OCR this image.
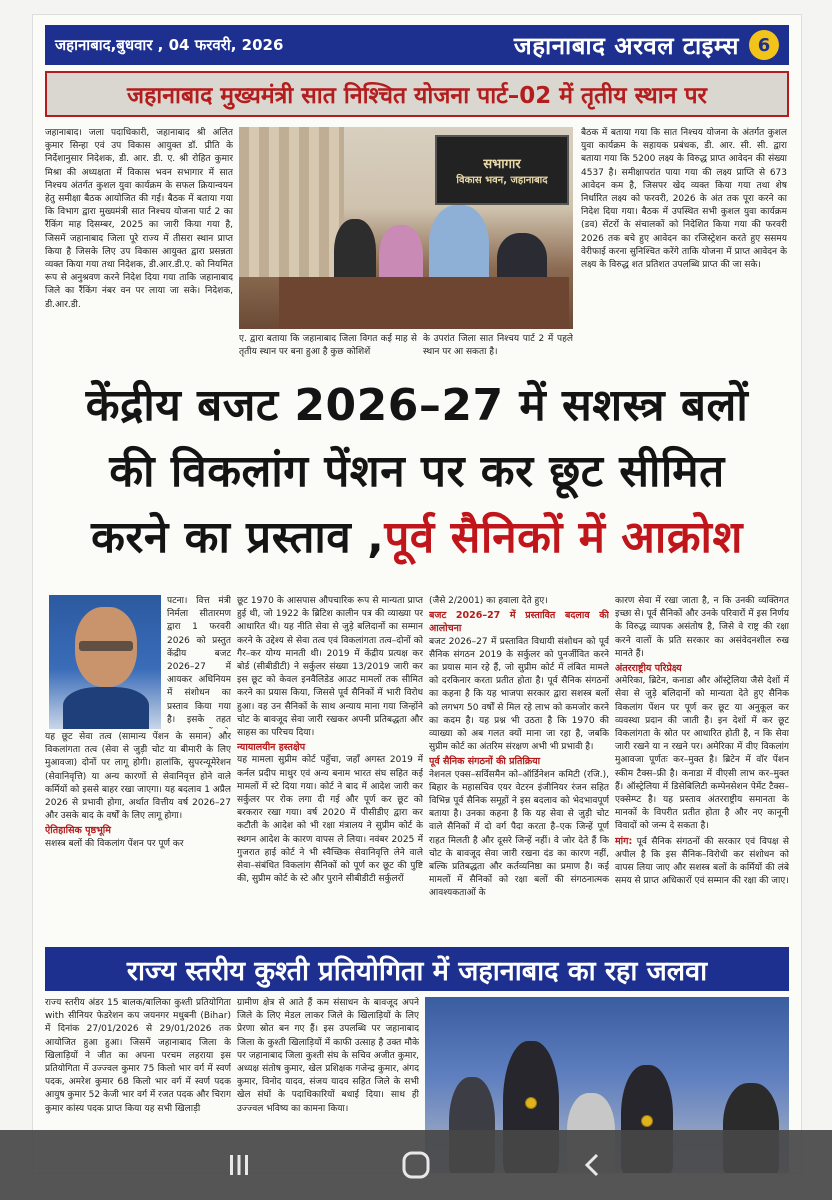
जहानाबाद,बुधवार , 04 फरवरी, 2026	जहानाबाद अरवल टाइम्स	6
जहानाबाद मुख्यमंत्री सात निश्चित योजना पार्ट–02 में तृतीय स्थान पर
जहानाबाद। जला पदाधिकारी, जहानाबाद श्री अलित कुमार सिन्हा एवं उप विकास आयुक्त डॉ. प्रीति के निर्देशानुसार निदेशक, डी. आर. डी. ए. श्री रोहित कुमार मिश्रा की अध्यक्षता में विकास भवन सभागार में सात निश्चय अंतर्गत कुशल युवा कार्यक्रम के सफल क्रियान्वयन हेतु समीक्षा बैठक आयोजित की गई। बैठक में बताया गया कि विभाग द्वारा मुख्यमंत्री सात निश्चय योजना पार्ट 2 का रैंकिंग माह दिसम्बर, 2025 का जारी किया गया है, जिसमें जहानाबाद जिला पूरे राज्य में तीसरा स्थान प्राप्त किया है जिसके लिए उप विकास आयुक्त द्वारा प्रसन्नता व्यक्त किया गया तथा निदेशक, डी.आर.डी.ए. को नियमित रूप से अनुश्रवण करने निदेश दिया गया ताकि जहानाबाद जिले का रैंकिंग नंबर वन पर लाया जा सके। निदेशक, डी.आर.डी.
सभागार
विकास भवन, जहानाबाद
ए. द्वारा बताया कि जहानाबाद जिला विगत कई माह से तृतीय स्थान पर बना हुआ है कुछ कोशिशें
के उपरांत जिला सात निश्चय पार्ट 2 में पहले स्थान पर आ सकता है।
बैठक में बताया गया कि सात निश्चय योजना के अंतर्गत कुशल युवा कार्यक्रम के सहायक प्रबंधक, डी. आर. सी. सी. द्वारा बताया गया कि 5200 लक्ष्य के विरुद्ध प्राप्त आवेदन की संख्या 4537 है। समीक्षापरांत पाया गया की लक्ष्य प्राप्ति से 673 आवेदन कम है, जिसपर खेद व्यक्त किया गया तथा शेष निर्धारित लक्ष्य को फरवरी, 2026 के अंत तक पूरा करने का निदेश दिया गया। बैठक में उपस्थित सभी कुशल युवा कार्यक्रम (डव) सेंटरों के संचालकों को निदेशित किया गया की फरवरी 2026 तक बचे हुए आवेदन का रजिस्ट्रेशन करते हुए ससमय वेरीफाई करना सुनिश्चित करेंगे ताकि योजना में प्राप्त आवेदन के लक्ष्य के विरुद्ध शत प्रतिशत उपलब्धि प्राप्त की जा सके।
केंद्रीय बजट 2026–27 में सशस्त्र बलों
की विकलांग पेंशन पर कर छूट सीमित
करने का प्रस्ताव ,पूर्व सैनिकों में आक्रोश
पटना। वित्त मंत्री निर्मला सीतारमण द्वारा 1 फरवरी 2026 को प्रस्तुत केंद्रीय बजट 2026–27 में आयकर अधिनियम में संशोधन का प्रस्ताव किया गया है। इसके तहत

यह छूट सेवा तत्व (सामान्य पेंशन के समान) और विकलांगता तत्व (सेवा से जुड़ी चोट या बीमारी के लिए मुआवजा) दोनों पर लागू होगी। हालांकि, सुपरन्यूमेरेशन (सेवानिवृत्ति) या अन्य कारणों से सेवानिवृत्त होने वाले कर्मियों को इससे बाहर रखा जाएगा। यह बदलाव 1 अप्रैल 2026 से प्रभावी होगा, अर्थात वित्तीय वर्ष 2026–27 और उसके बाद के वर्षों के लिए लागू होगा।

ऐतिहासिक पृष्ठभूमि

सशस्त्र बलों की विकलांग पेंशन पर पूर्ण कर

छूट 1970 के आसपास औपचारिक रूप से मान्यता प्राप्त हुई थी, जो 1922 के ब्रिटिश कालीन पत्र की व्याख्या पर आधारित थी। यह नीति सेवा से जुड़े बलिदानों का सम्मान करने के उद्देश्य से सेवा तत्व एवं विकलांगता तत्व–दोनों को गैर–कर योग्य मानती थी। 2019 में केंद्रीय प्रत्यक्ष कर बोर्ड (सीबीडीटी) ने सर्कुलर संख्या 13/2019 जारी कर इस छूट को केवल इनवैलिडेड आउट मामलों तक सीमित करने का प्रयास किया, जिससे पूर्व सैनिकों में भारी विरोध हुआ। वह उन सैनिकों के साथ अन्याय माना गया जिन्होंने चोट के बावजूद सेवा जारी रखकर अपनी प्रतिबद्धता और साहस का परिचय दिया।

न्यायालयीन हस्तक्षेप

यह मामला सुप्रीम कोर्ट पहुँचा, जहाँ अगस्त 2019 में कर्नल प्रदीप माथुर एवं अन्य बनाम भारत संघ सहित कई मामलों में स्टे दिया गया। कोर्ट ने बाद में आदेश जारी कर सर्कुलर पर रोक लगा दी गई और पूर्ण कर छूट को बरकरार रखा गया। वर्ष 2020 में पीसीडीए द्वारा कर कटौती के आदेश को भी रक्षा मंत्रालय ने सुप्रीम कोर्ट के स्थगन आदेश के कारण वापस ले लिया। नवंबर 2025 में गुजरात हाई कोर्ट ने भी स्वैच्छिक सेवानिवृत्ति लेने वाले सेवा–संबंधित विकलांग सैनिकों को पूर्ण कर छूट की पुष्टि की, सुप्रीम कोर्ट के स्टे और पुराने सीबीडीटी सर्कुलरों

(जैसे 2/2001) का हवाला देते हुए।

बजट 2026–27 में प्रस्तावित बदलाव की आलोचना

बजट 2026–27 में प्रस्तावित विधायी संशोधन को पूर्व सैनिक संगठन 2019 के सर्कुलर को पुनर्जीवित करने का प्रयास मान रहे हैं, जो सुप्रीम कोर्ट में लंबित मामले को दरकिनार करता प्रतीत होता है। पूर्व सैनिक संगठनों का कहना है कि यह भाजपा सरकार द्वारा सशस्त्र बलों को लगभग 50 वर्षों से मिल रहे लाभ को कमजोर करने का कदम है। यह प्रश्न भी उठता है कि 1970 की व्याख्या को अब गलत क्यों माना जा रहा है, जबकि सुप्रीम कोर्ट का अंतरिम संरक्षण अभी भी प्रभावी है।

पूर्व सैनिक संगठनों की प्रतिक्रिया

नेशनल एक्स–सर्विसमैन को–ऑर्डिनेशन कमिटी (रजि.), बिहार के महासचिव एयर वेटरन इंजीनियर रंजन सहित विभिन्न पूर्व सैनिक समूहों ने इस बदलाव को भेदभावपूर्ण बताया है। उनका कहना है कि यह सेवा से जुड़ी चोट वाले सैनिकों में दो वर्ग पैदा करता है–एक जिन्हें पूर्ण राहत मिलती है और दूसरे जिन्हें नहीं। वे जोर देते हैं कि चोट के बावजूद सेवा जारी रखना दंड का कारण नहीं, बल्कि प्रतिबद्धता और कर्तव्यनिष्ठा का प्रमाण है। कई मामलों में सैनिकों को रक्षा बलों की संगठनात्मक आवश्यकताओं के

कारण सेवा में रखा जाता है, न कि उनकी व्यक्तिगत इच्छा से। पूर्व सैनिकों और उनके परिवारों में इस निर्णय के विरुद्ध व्यापक असंतोष है, जिसे वे राष्ट्र की रक्षा करने वालों के प्रति सरकार का असंवेदनशील रुख मानते हैं।

अंतरराष्ट्रीय परिप्रेक्ष्य

अमेरिका, ब्रिटेन, कनाडा और ऑस्ट्रेलिया जैसे देशों में सेवा से जुड़े बलिदानों को मान्यता देते हुए सैनिक विकलांग पेंशन पर पूर्ण कर छूट या अनुकूल कर व्यवस्था प्रदान की जाती है। इन देशों में कर छूट विकलांगता के स्रोत पर आधारित होती है, न कि सेवा जारी रखने या न रखने पर। अमेरिका में वीए विकलांग मुआवजा पूर्णतः कर–मुक्त है। ब्रिटेन में वॉर पेंशन स्कीम टैक्स–फ्री है। कनाडा में वीएसी लाभ कर–मुक्त हैं। ऑस्ट्रेलिया में डिसेबिलिटी कम्पेनसेशन पेमेंट टैक्स–एक्सेम्प्ट है। यह प्रस्ताव अंतरराष्ट्रीय समानता के मानकों के विपरीत प्रतीत होता है और नए कानूनी विवादों को जन्म दे सकता है।

मांग: पूर्व सैनिक संगठनों की सरकार एवं विपक्ष से अपील है कि इस सैनिक–विरोधी कर संशोधन को वापस लिया जाए और सशस्त्र बलों के कर्मियों की लंबे समय से प्राप्त अधिकारों एवं सम्मान की रक्षा की जाए।

राज्य स्तरीय कुश्ती प्रतियोगिता में जहानाबाद का रहा जलवा
राज्य स्तरीय अंडर 15 बालक/बालिका कुश्ती प्रतियोगिता with सीनियर फेडरेशन कप जयनगर मधुबनी (Bihar) में दिनांक 27/01/2026 से 29/01/2026 तक आयोजित हुआ हुआ। जिसमें जहानाबाद जिला के खिलाड़ियों ने जीत का अपना परचम लहराया इस प्रतियोगिता में उज्ज्वल कुमार 75 किलो भार वर्ग में स्वर्ण पदक, अमरेश कुमार 68 किलो भार वर्ग में स्वर्ण पदक आयुष कुमार 52 केजी भार वर्ग में रजत पदक और चिराग कुमार कांस्य पदक प्राप्त किया यह सभी खिलाड़ी
ग्रामीण क्षेत्र से आते हैं कम संसाधन के बावजूद अपने जिले के लिए मेडल लाकर जिले के खिलाड़ियों के लिए प्रेरणा स्रोत बन गए हैं। इस उपलब्धि पर जहानाबाद जिला के कुश्ती खिलाड़ियों में काफी उत्साह है उक्त मौके पर जहानाबाद जिला कुश्ती संघ के सचिव अजीत कुमार, अध्यक्ष संतोष कुमार, खेल प्रशिक्षक गजेन्द्र कुमार, अंगद कुमार, विनोद यादव, संजय यादव सहित जिले के सभी खेल संघों के पदाधिकारियों बधाई दिया। साथ ही उज्ज्वल भविष्य का कामना किया।
